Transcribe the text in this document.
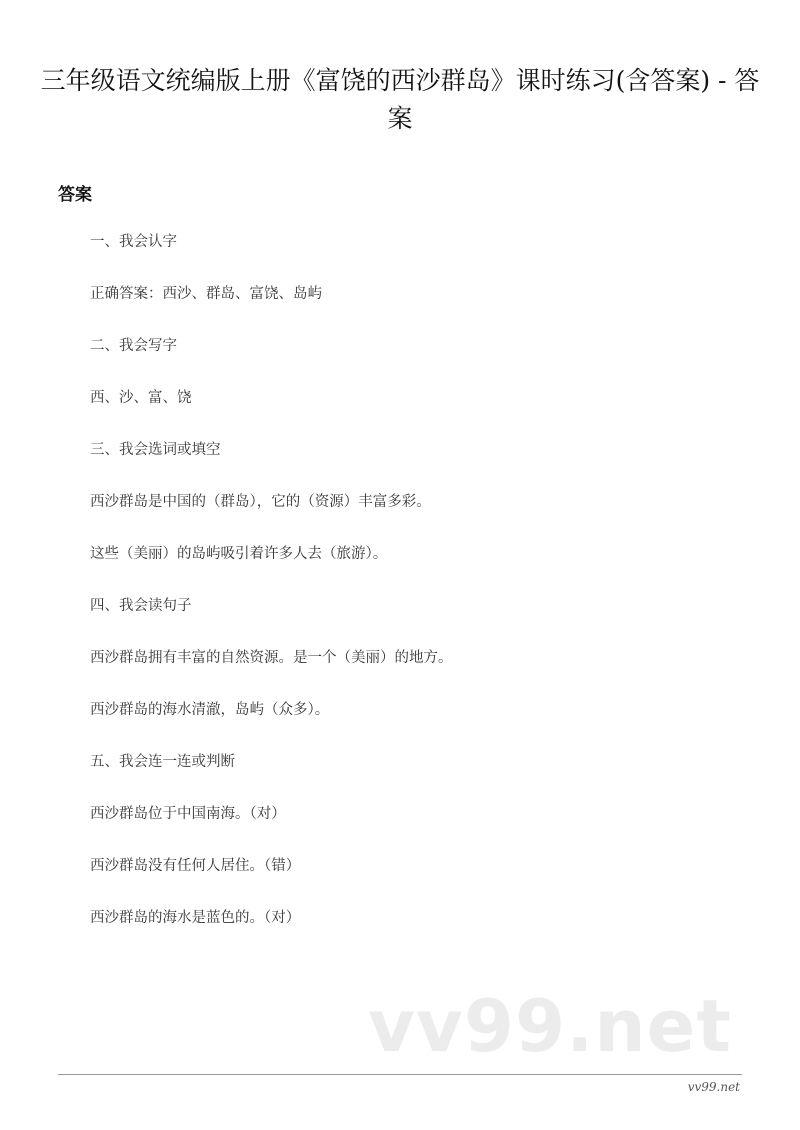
三年级语文统编版上册《富饶的西沙群岛》课时练习(含答案) - 答案
答案
一、我会认字
正确答案：西沙、群岛、富饶、岛屿
二、我会写字
西、沙、富、饶
三、我会选词或填空
西沙群岛是中国的（群岛），它的（资源）丰富多彩。
这些（美丽）的岛屿吸引着许多人去（旅游）。
四、我会读句子
西沙群岛拥有丰富的自然资源。是一个（美丽）的地方。
西沙群岛的海水清澈，岛屿（众多）。
五、我会连一连或判断
西沙群岛位于中国南海。（对）
西沙群岛没有任何人居住。（错）
西沙群岛的海水是蓝色的。（对）
vv99.net
vv99.net
